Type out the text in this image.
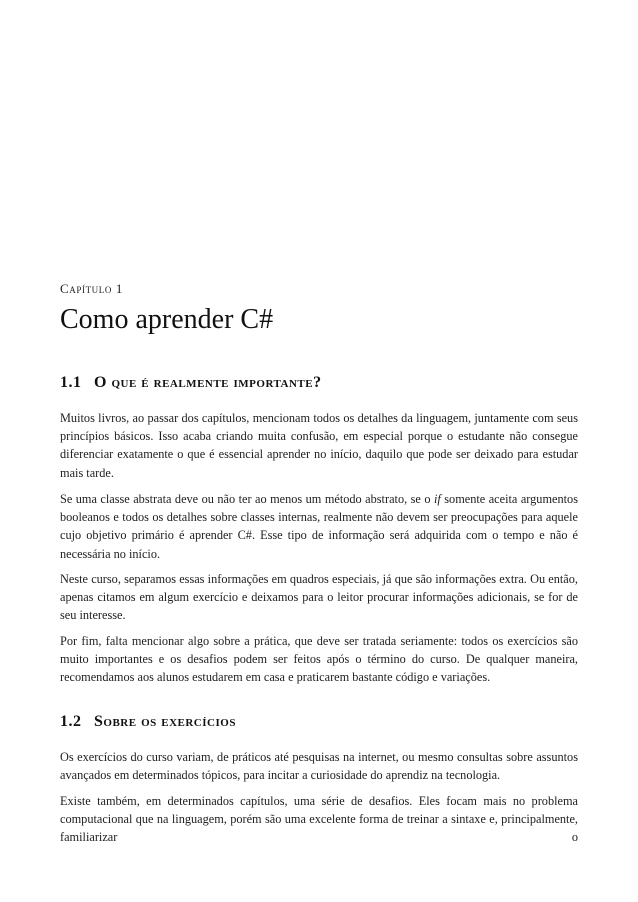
Capítulo 1
Como aprender C#
1.1 O que é realmente importante?

Muitos livros, ao passar dos capítulos, mencionam todos os detalhes da linguagem, juntamente com seus princípios básicos. Isso acaba criando muita confusão, em especial porque o estudante não consegue diferenciar exatamente o que é essencial aprender no início, daquilo que pode ser deixado para estudar mais tarde.

Se uma classe abstrata deve ou não ter ao menos um método abstrato, se o if somente aceita argumentos booleanos e todos os detalhes sobre classes internas, realmente não devem ser preocupações para aquele cujo objetivo primário é aprender C#. Esse tipo de informação será adquirida com o tempo e não é necessária no início.

Neste curso, separamos essas informações em quadros especiais, já que são informações extra. Ou então, apenas citamos em algum exercício e deixamos para o leitor procurar informações adicionais, se for de seu interesse.

Por fim, falta mencionar algo sobre a prática, que deve ser tratada seriamente: todos os exercícios são muito importantes e os desafios podem ser feitos após o término do curso. De qualquer maneira, recomendamos aos alunos estudarem em casa e praticarem bastante código e variações.

1.2 Sobre os exercícios

Os exercícios do curso variam, de práticos até pesquisas na internet, ou mesmo consultas sobre assuntos avançados em determinados tópicos, para incitar a curiosidade do aprendiz na tecnologia.

Existe também, em determinados capítulos, uma série de desafios. Eles focam mais no problema computacional que na linguagem, porém são uma excelente forma de treinar a sintaxe e, principalmente, familiarizar o
